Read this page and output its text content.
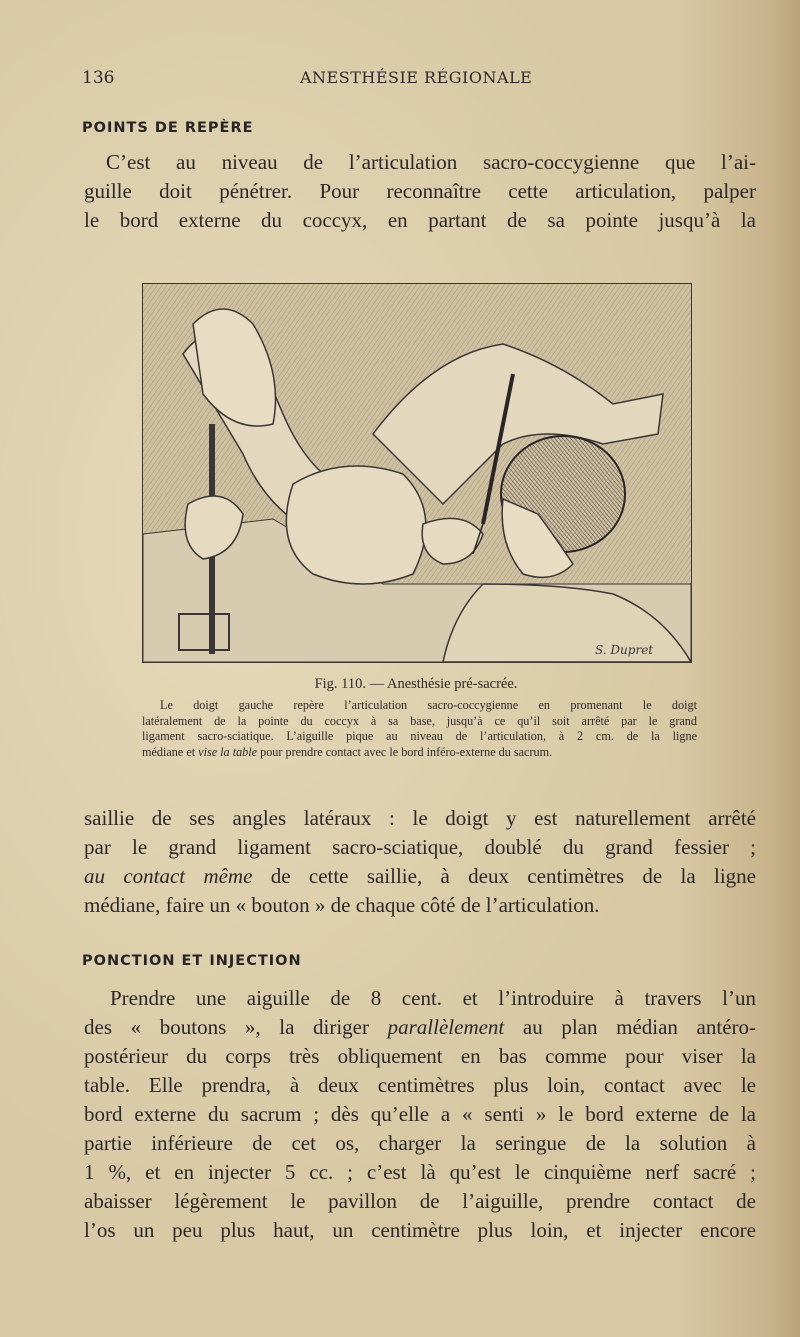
136	ANESTHÉSIE RÉGIONALE
POINTS DE REPÈRE
C’est au niveau de l’articulation sacro-coccygienne que l’ai-
guille doit pénétrer. Pour reconnaître cette articulation, palper
le bord externe du coccyx, en partant de sa pointe jusqu’à la
S. Dupret
Fig. 110. — Anesthésie pré-sacrée.
Le doigt gauche repère l’articulation sacro-coccygienne en promenant le doigt
latéralement de la pointe du coccyx à sa base, jusqu’à ce qu’il soit arrêté par le grand
ligament sacro-sciatique. L’aiguille pique au niveau de l’articulation, à 2 cm. de la ligne
médiane et vise la table pour prendre contact avec le bord inféro-externe du sacrum.
saillie de ses angles latéraux : le doigt y est naturellement arrêté
par le grand ligament sacro-sciatique, doublé du grand fessier ;
au contact même de cette saillie, à deux centimètres de la ligne
médiane, faire un « bouton » de chaque côté de l’articulation.
PONCTION ET INJECTION
Prendre une aiguille de 8 cent. et l’introduire à travers l’un
des « boutons », la diriger parallèlement au plan médian antéro-
postérieur du corps très obliquement en bas comme pour viser la
table. Elle prendra, à deux centimètres plus loin, contact avec le
bord externe du sacrum ; dès qu’elle a « senti » le bord externe de la
partie inférieure de cet os, charger la seringue de la solution à
1 %, et en injecter 5 cc. ; c’est là qu’est le cinquième nerf sacré ;
abaisser légèrement le pavillon de l’aiguille, prendre contact de
l’os un peu plus haut, un centimètre plus loin, et injecter encore
